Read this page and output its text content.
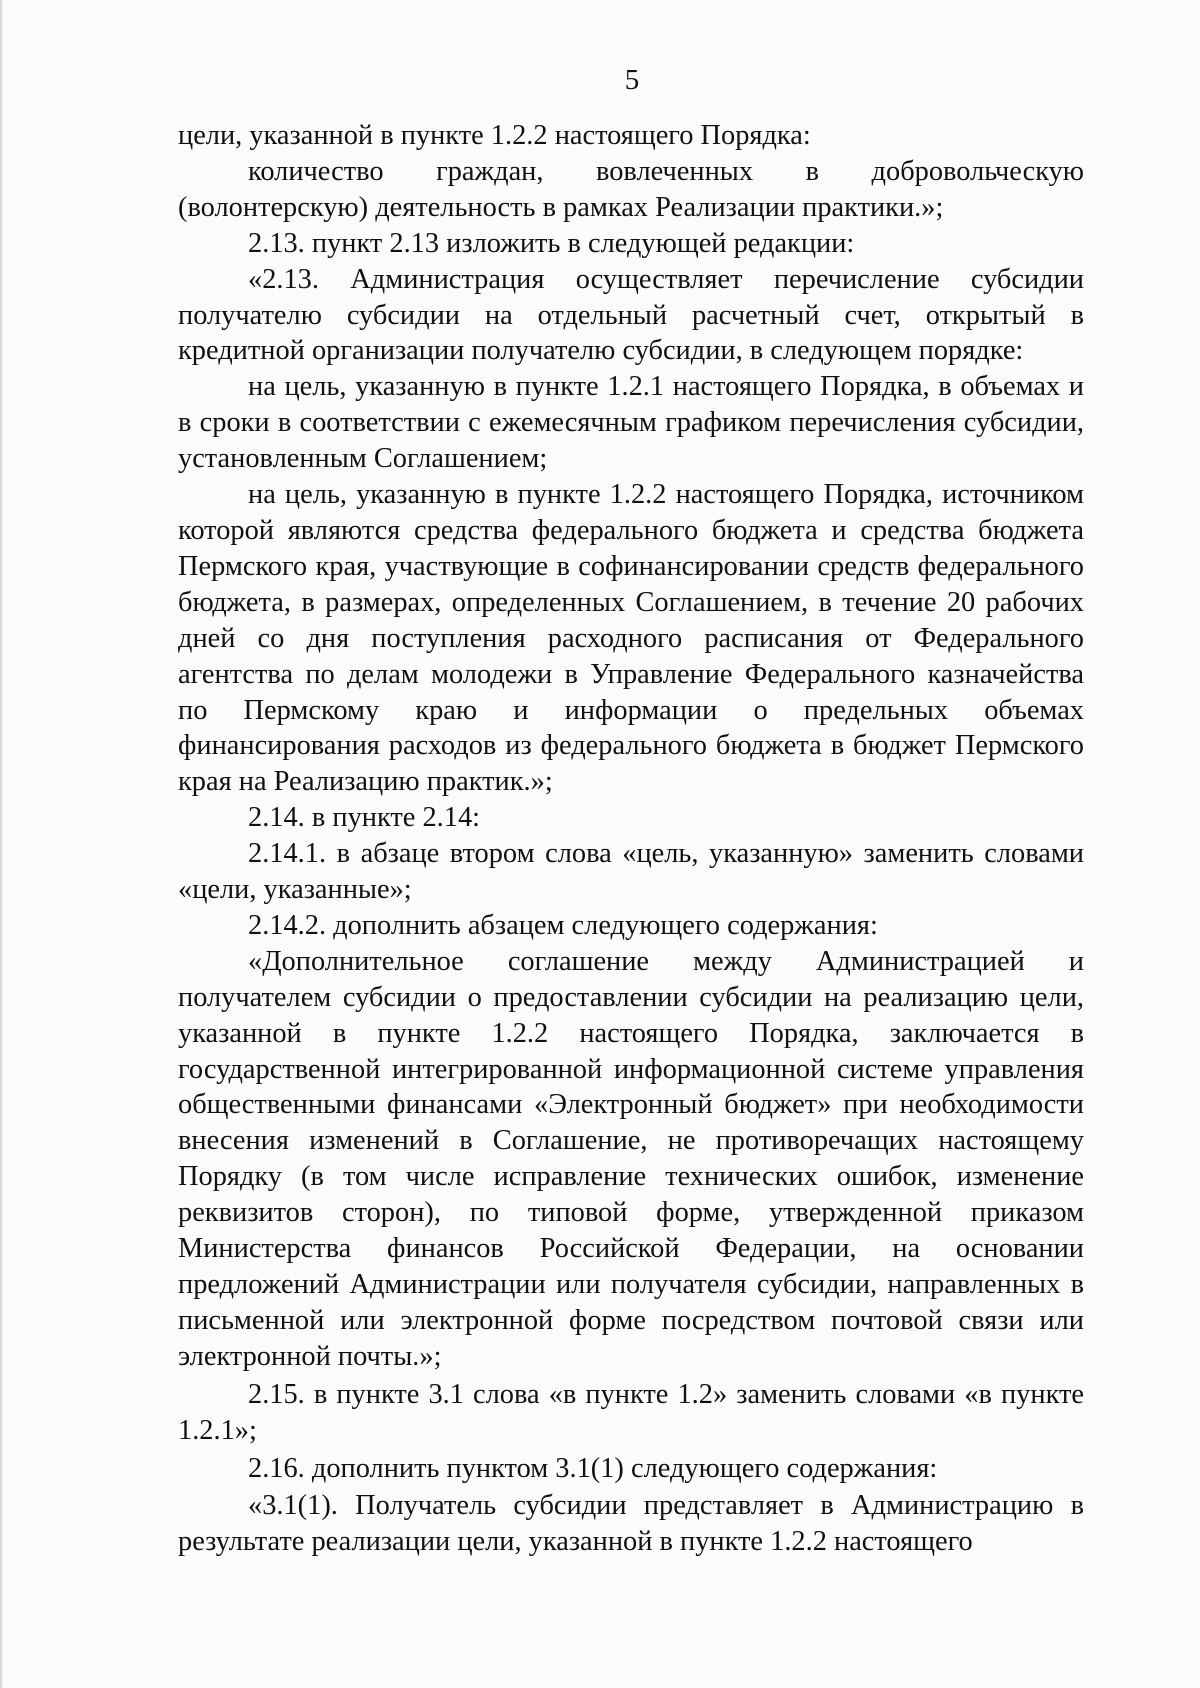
5

цели, указанной в пункте 1.2.2 настоящего Порядка:

количество граждан, вовлеченных в добровольческую (волонтерскую) деятельность в рамках Реализации практики.»;

2.13. пункт 2.13 изложить в следующей редакции:

«2.13. Администрация осуществляет перечисление субсидии получателю субсидии на отдельный расчетный счет, открытый в кредитной организации получателю субсидии, в следующем порядке:

на цель, указанную в пункте 1.2.1 настоящего Порядка, в объемах и в сроки в соответствии с ежемесячным графиком перечисления субсидии, установленным Соглашением;

на цель, указанную в пункте 1.2.2 настоящего Порядка, источником которой являются средства федерального бюджета и средства бюджета Пермского края, участвующие в софинансировании средств федерального бюджета, в размерах, определенных Соглашением, в течение 20 рабочих дней со дня поступления расходного расписания от Федерального агентства по делам молодежи в Управление Федерального казначейства по Пермскому краю и информации о предельных объемах финансирования расходов из федерального бюджета в бюджет Пермского края на Реализацию практик.»;

2.14. в пункте 2.14:

2.14.1. в абзаце втором слова «цель, указанную» заменить словами «цели, указанные»;

2.14.2. дополнить абзацем следующего содержания:

«Дополнительное соглашение между Администрацией и получателем субсидии о предоставлении субсидии на реализацию цели, указанной в пункте 1.2.2 настоящего Порядка, заключается в государственной интегрированной информационной системе управления общественными финансами «Электронный бюджет» при необходимости внесения изменений в Соглашение, не противоречащих настоящему Порядку (в том числе исправление технических ошибок, изменение реквизитов сторон), по типовой форме, утвержденной приказом Министерства финансов Российской Федерации, на основании предложений Администрации или получателя субсидии, направленных в письменной или электронной форме посредством почтовой связи или электронной почты.»;

2.15. в пункте 3.1 слова «в пункте 1.2» заменить словами «в пункте 1.2.1»;

2.16. дополнить пунктом 3.1(1) следующего содержания:

«3.1(1). Получатель субсидии представляет в Администрацию в результате реализации цели, указанной в пункте 1.2.2 настоящего
